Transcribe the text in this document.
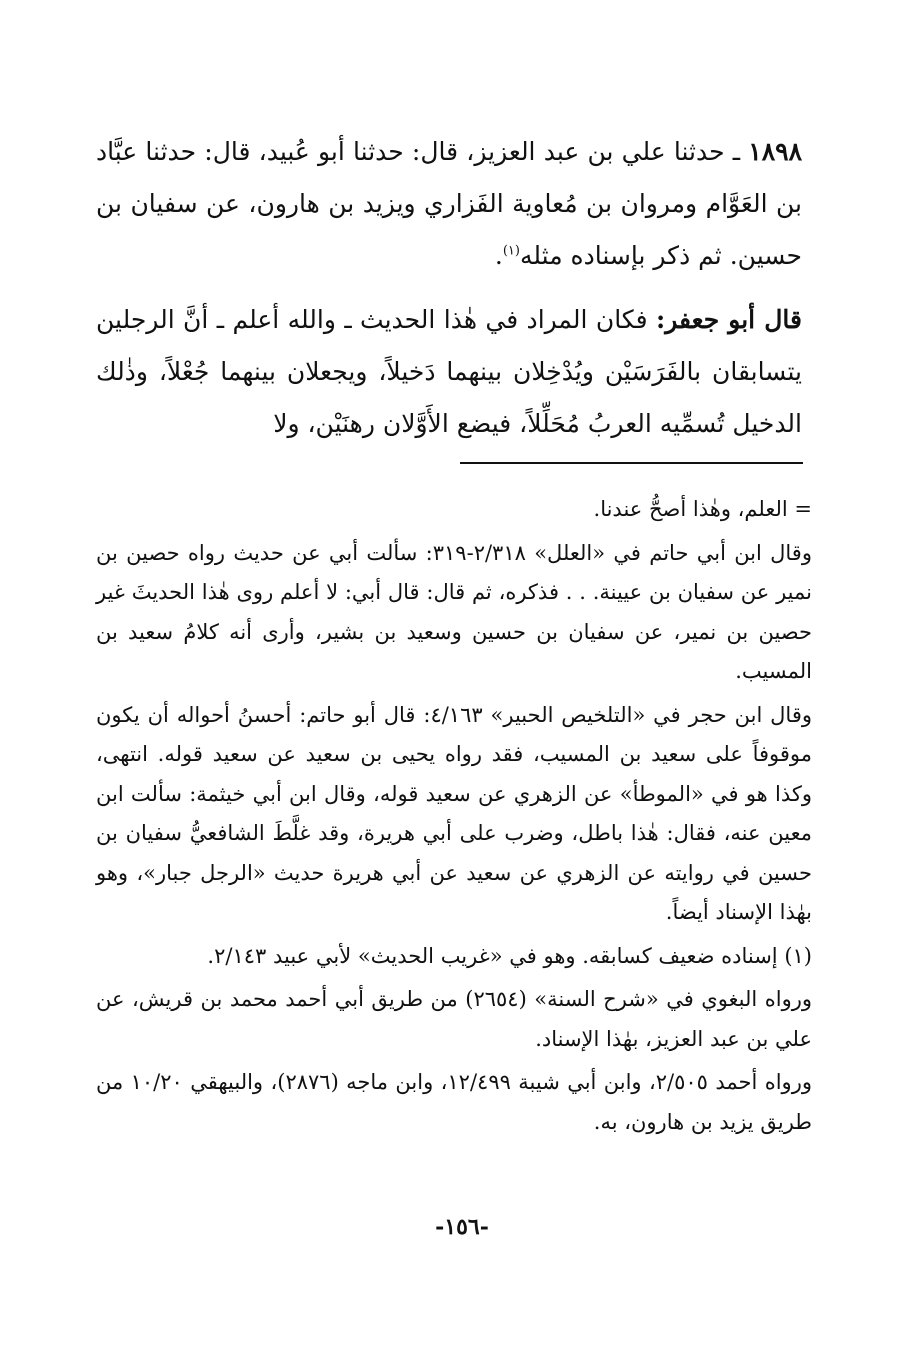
١٨٩٨ ـ حدثنا علي بن عبد العزيز، قال: حدثنا أبو عُبيد، قال: حدثنا عبَّاد بن العَوَّام ومروان بن مُعاوية الفَزاري ويزيد بن هارون، عن سفيان بن حسين. ثم ذكر بإسناده مثله$^{(١)}$.

قال أبو جعفر: فكان المراد في هٰذا الحديث ـ والله أعلم ـ أنَّ الرجلين يتسابقان بالفَرَسَيْن ويُدْخِلان بينهما دَخيلاً، ويجعلان بينهما جُعْلاً، وذٰلك الدخيل تُسمِّيه العربُ مُحَلِّلاً، فيضع الأَوَّلان رهنَيْن، ولا

= العلم، وهٰذا أصحُّ عندنا.

وقال ابن أبي حاتم في «العلل» ٢/٣١٨-٣١٩: سألت أبي عن حديث رواه حصين بن نمير عن سفيان بن عيينة. . . فذكره، ثم قال: قال أبي: لا أعلم روى هٰذا الحديثَ غير حصين بن نمير، عن سفيان بن حسين وسعيد بن بشير، وأرى أنه كلامُ سعيد بن المسيب.

وقال ابن حجر في «التلخيص الحبير» ٤/١٦٣: قال أبو حاتم: أحسنُ أحواله أن يكون موقوفاً على سعيد بن المسيب، فقد رواه يحيى بن سعيد عن سعيد قوله. انتهى، وكذا هو في «الموطأ» عن الزهري عن سعيد قوله، وقال ابن أبي خيثمة: سألت ابن معين عنه، فقال: هٰذا باطل، وضرب على أبي هريرة، وقد غلَّطَ الشافعيُّ سفيان بن حسين في روايته عن الزهري عن سعيد عن أبي هريرة حديث «الرجل جبار»، وهو بهٰذا الإسناد أيضاً.

(١) إسناده ضعيف كسابقه. وهو في «غريب الحديث» لأبي عبيد ٢/١٤٣.

ورواه البغوي في «شرح السنة» (٢٦٥٤) من طريق أبي أحمد محمد بن قريش، عن علي بن عبد العزيز، بهٰذا الإسناد.

ورواه أحمد ٢/٥٠٥، وابن أبي شيبة ١٢/٤٩٩، وابن ماجه (٢٨٧٦)، والبيهقي ١٠/٢٠ من طريق يزيد بن هارون، به.

-١٥٦-
